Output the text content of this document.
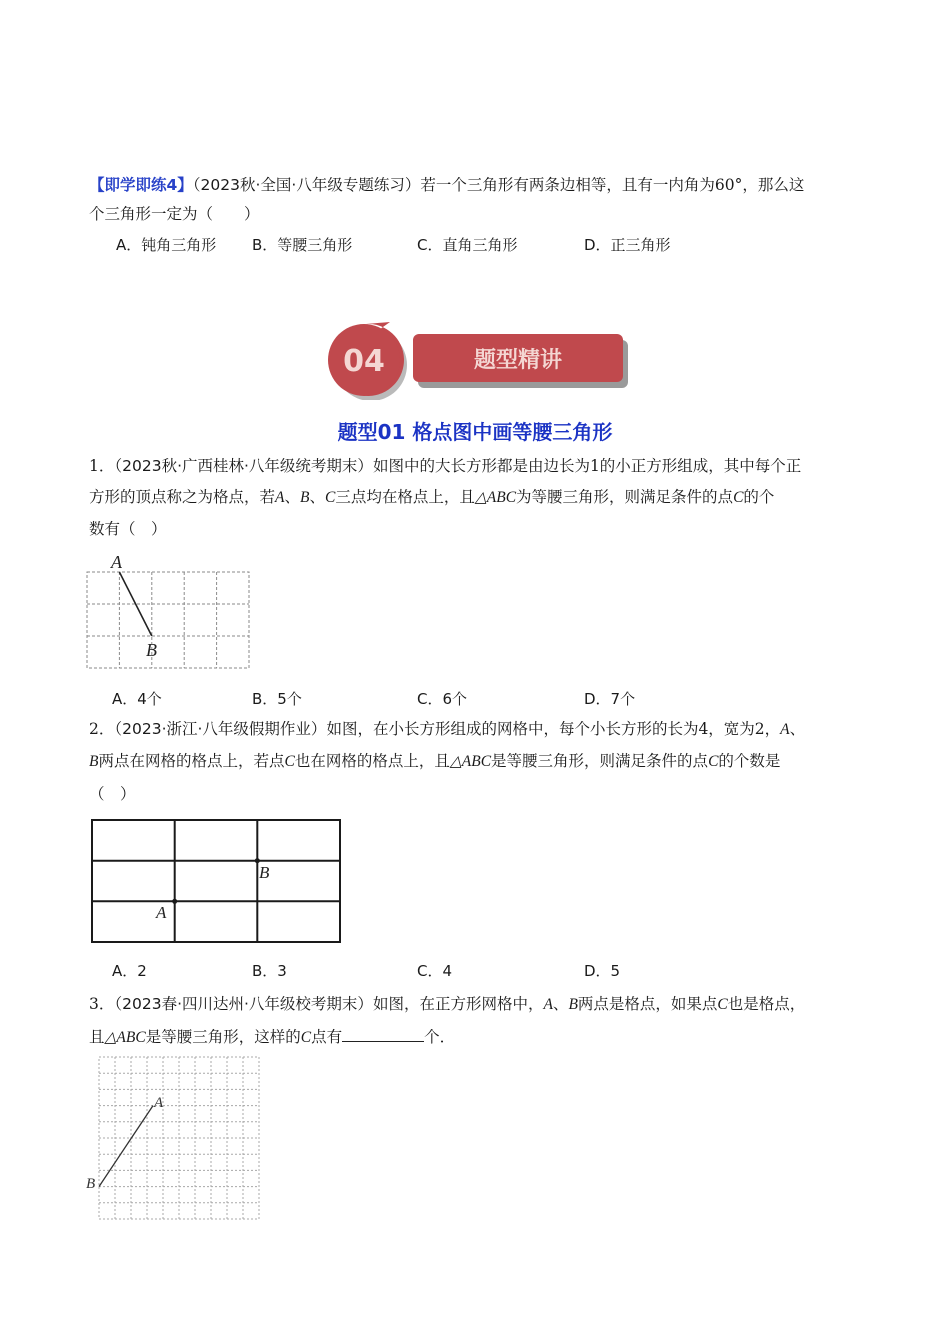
【即学即练4】（2023秋·全国·八年级专题练习）若一个三角形有两条边相等，且有一内角为60°，那么这
个三角形一定为（　　）
A．钝角三角形 B．等腰三角形	C．直角三角形	D．正三角形
04	题型精讲
题型01 格点图中画等腰三角形
1．（2023秋·广西桂林·八年级统考期末）如图中的大长方形都是由边长为1的小正方形组成，其中每个正
方形的顶点称之为格点，若A、B、C三点均在格点上，且△ABC为等腰三角形，则满足条件的点C的个
数有（　）
A
B
A．4个	B．5个	C．6个	D．7个
2．（2023·浙江·八年级假期作业）如图，在小长方形组成的网格中，每个小长方形的长为4，宽为2，A、
B两点在网格的格点上，若点C也在网格的格点上，且△ABC是等腰三角形，则满足条件的点C的个数是
（　）
B
A
A．2	B．3	C．4	D．5
3．（2023春·四川达州·八年级校考期末）如图，在正方形网格中，A、B两点是格点，如果点C也是格点，
且△ABC是等腰三角形，这样的C点有	个．
A
B
